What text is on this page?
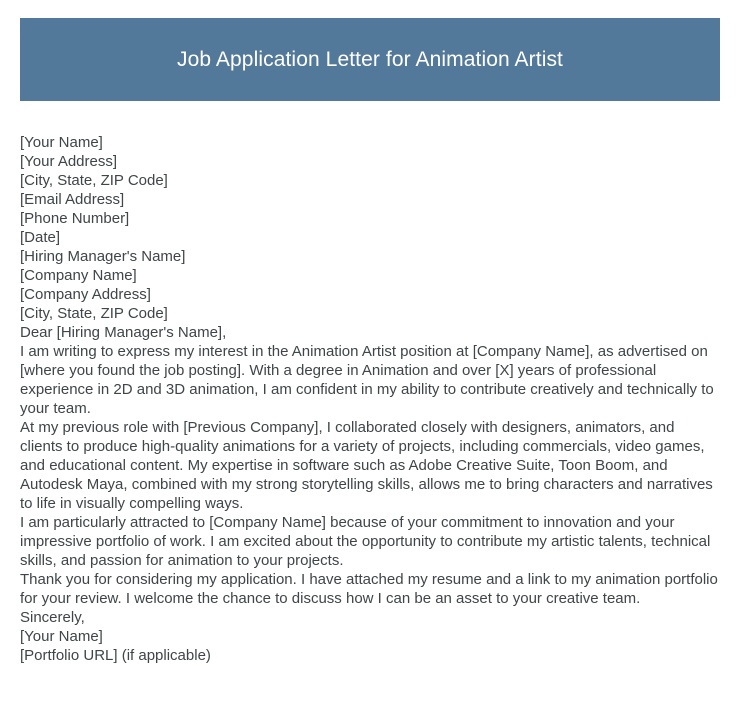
Job Application Letter for Animation Artist

[Your Name]

[Your Address]

[City, State, ZIP Code]

[Email Address]

[Phone Number]

[Date]

[Hiring Manager's Name]

[Company Name]

[Company Address]

[City, State, ZIP Code]

Dear [Hiring Manager's Name],

I am writing to express my interest in the Animation Artist position at [Company Name], as advertised on [where you found the job posting]. With a degree in Animation and over [X] years of professional experience in 2D and 3D animation, I am confident in my ability to contribute creatively and technically to your team.

At my previous role with [Previous Company], I collaborated closely with designers, animators, and clients to produce high-quality animations for a variety of projects, including commercials, video games, and educational content. My expertise in software such as Adobe Creative Suite, Toon Boom, and Autodesk Maya, combined with my strong storytelling skills, allows me to bring characters and narratives to life in visually compelling ways.

I am particularly attracted to [Company Name] because of your commitment to innovation and your impressive portfolio of work. I am excited about the opportunity to contribute my artistic talents, technical skills, and passion for animation to your projects.

Thank you for considering my application. I have attached my resume and a link to my animation portfolio for your review. I welcome the chance to discuss how I can be an asset to your creative team.

Sincerely,

[Your Name]

[Portfolio URL] (if applicable)
